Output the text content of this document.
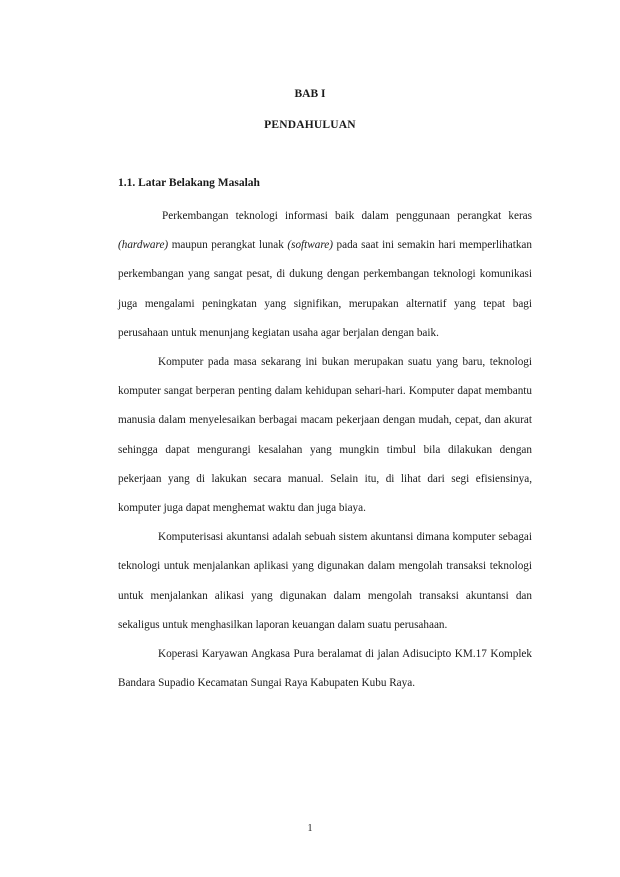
BAB I
PENDAHULUAN
1.1. Latar Belakang Masalah

Perkembangan teknologi informasi baik dalam penggunaan perangkat keras (hardware) maupun perangkat lunak (software) pada saat ini semakin hari memperlihatkan perkembangan yang sangat pesat, di dukung dengan perkembangan teknologi komunikasi juga mengalami peningkatan yang signifikan, merupakan alternatif yang tepat bagi perusahaan untuk menunjang kegiatan usaha agar berjalan dengan baik.

Komputer pada masa sekarang ini bukan merupakan suatu yang baru, teknologi komputer sangat berperan penting dalam kehidupan sehari-hari. Komputer dapat membantu manusia dalam menyelesaikan berbagai macam pekerjaan dengan mudah, cepat, dan akurat sehingga dapat mengurangi kesalahan yang mungkin timbul bila dilakukan dengan pekerjaan yang di lakukan secara manual. Selain itu, di lihat dari segi efisiensinya, komputer juga dapat menghemat waktu dan juga biaya.

Komputerisasi akuntansi adalah sebuah sistem akuntansi dimana komputer sebagai teknologi untuk menjalankan aplikasi yang digunakan dalam mengolah transaksi teknologi untuk menjalankan alikasi yang digunakan dalam mengolah transaksi akuntansi dan sekaligus untuk menghasilkan laporan keuangan dalam suatu perusahaan.

Koperasi Karyawan Angkasa Pura beralamat di jalan Adisucipto KM.17 Komplek Bandara Supadio Kecamatan Sungai Raya Kabupaten Kubu Raya.

1
